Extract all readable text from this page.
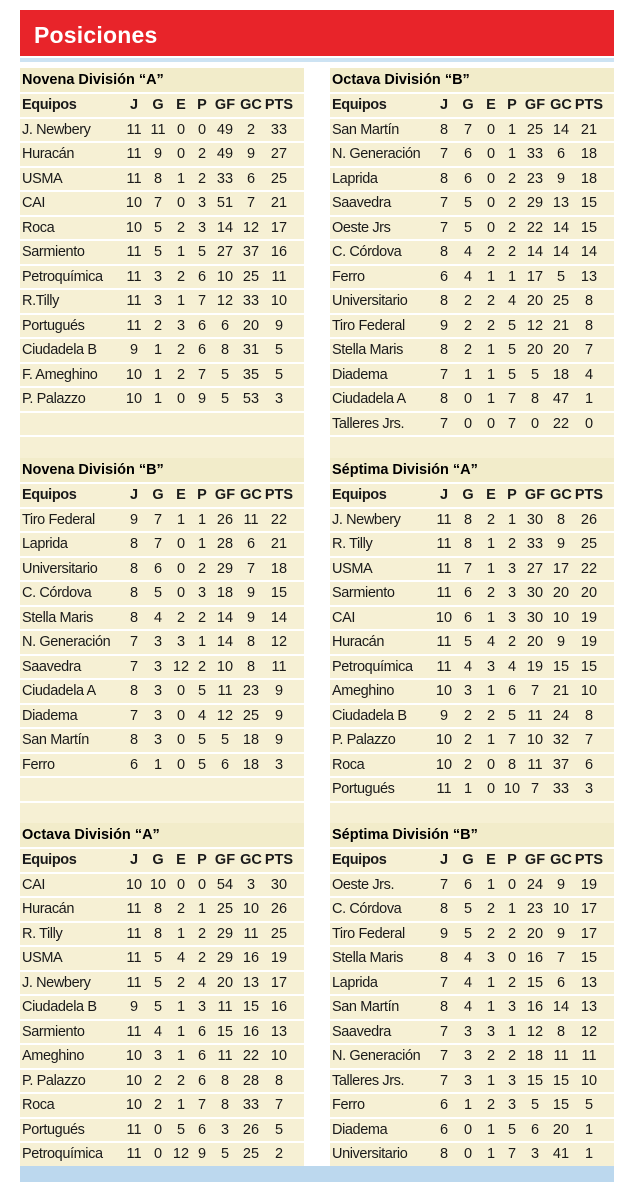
Posiciones
Novena División “A”
Equipos	J G E P GF GC PTS
J. Newbery	11 11 0 0 49 2	33
Huracán	11 9	0 2 49 9	27
USMA	11 8	1 2 33 6	25
CAI	10 7	0 3 51 7	21
Roca	10 5	2 3 14 12 17
Sarmiento	11 5	1 5 27 37 16
Petroquímica	11 3	2 6 10 25 11
R.Tilly	11 3	1 7 12 33 10
Portugués	11 2	3 6	6 20	9
Ciudadela B	9	1	2 6	8 31	5
F. Ameghino	10 1	2 7	5 35	5
P. Palazzo	10 1	0 9	5 53	3
Octava División “B”
Equipos	J G E P GF GC PTS
San Martín	8	7	0 1 25 14 21
N. Generación	7	6	0 1 33 6	18
Laprida	8	6	0 2 23 9	18
Saavedra	7	5	0 2 29 13 15
Oeste Jrs	7	5	0 2 22 14 15
C. Córdova	8	4	2 2 14 14 14
Ferro	6	4	1 1 17 5	13
Universitario	8	2	2 4 20 25	8
Tiro Federal	9	2	2 5 12 21	8
Stella Maris	8	2	1 5 20 20	7
Diadema	7	1	1 5	5 18	4
Ciudadela A	8	0	1 7	8 47	1
Talleres Jrs.	7	0	0 7	0 22	0
Novena División “B”
Equipos	J G E P GF GC PTS
Tiro Federal	9	7	1 1 26 11 22
Laprida	8	7	0 1 28 6	21
Universitario	8	6	0 2 29 7	18
C. Córdova	8	5	0 3 18 9	15
Stella Maris	8	4	2 2 14 9	14
N. Generación	7	3	3 1 14 8	12
Saavedra	7	3 12 2 10 8	11
Ciudadela A	8	3	0 5 11 23	9
Diadema	7	3	0 4 12 25	9
San Martín	8	3	0 5	5 18	9
Ferro	6	1	0 5	6 18	3
Séptima División “A”
Equipos	J G E P GF GC PTS
J. Newbery	11 8	2 1 30 8	26
R. Tilly	11 8	1 2 33 9	25
USMA	11 7	1 3 27 17 22
Sarmiento	11 6	2 3 30 20 20
CAI	10 6	1 3 30 10 19
Huracán	11 5	4 2 20 9	19
Petroquímica	11 4	3 4 19 15 15
Ameghino	10 3	1 6	7 21 10
Ciudadela B	9	2	2 5 11 24	8
P. Palazzo	10 2	1 7 10 32	7
Roca	10 2	0 8 11 37	6
Portugués	11 1	0 10 7 33	3
Octava División “A”
Equipos	J G E P GF GC PTS
CAI	10 10 0 0 54 3	30
Huracán	11 8	2 1 25 10 26
R. Tilly	11 8	1 2 29 11 25
USMA	11 5	4 2 29 16 19
J. Newbery	11 5	2 4 20 13 17
Ciudadela B	9	5	1 3 11 15 16
Sarmiento	11 4	1 6 15 16 13
Ameghino	10 3	1 6 11 22 10
P. Palazzo	10 2	2 6	8 28	8
Roca	10 2	1 7	8 33	7
Portugués	11 0	5 6	3 26	5
Petroquímica	11 0 12 9	5 25	2
Séptima División “B”
Equipos	J G E P GF GC PTS
Oeste Jrs.	7	6	1 0 24 9	19
C. Córdova	8	5	2 1 23 10 17
Tiro Federal	9	5	2 2 20 9	17
Stella Maris	8	4	3 0 16 7	15
Laprida	7	4	1 2 15 6	13
San Martín	8	4	1 3 16 14 13
Saavedra	7	3	3 1 12 8	12
N. Generación	7	3	2 2 18 11 11
Talleres Jrs.	7	3	1 3 15 15 10
Ferro	6	1	2 3	5 15	5
Diadema	6	0	1 5	6 20	1
Universitario	8	0	1 7	3 41	1
